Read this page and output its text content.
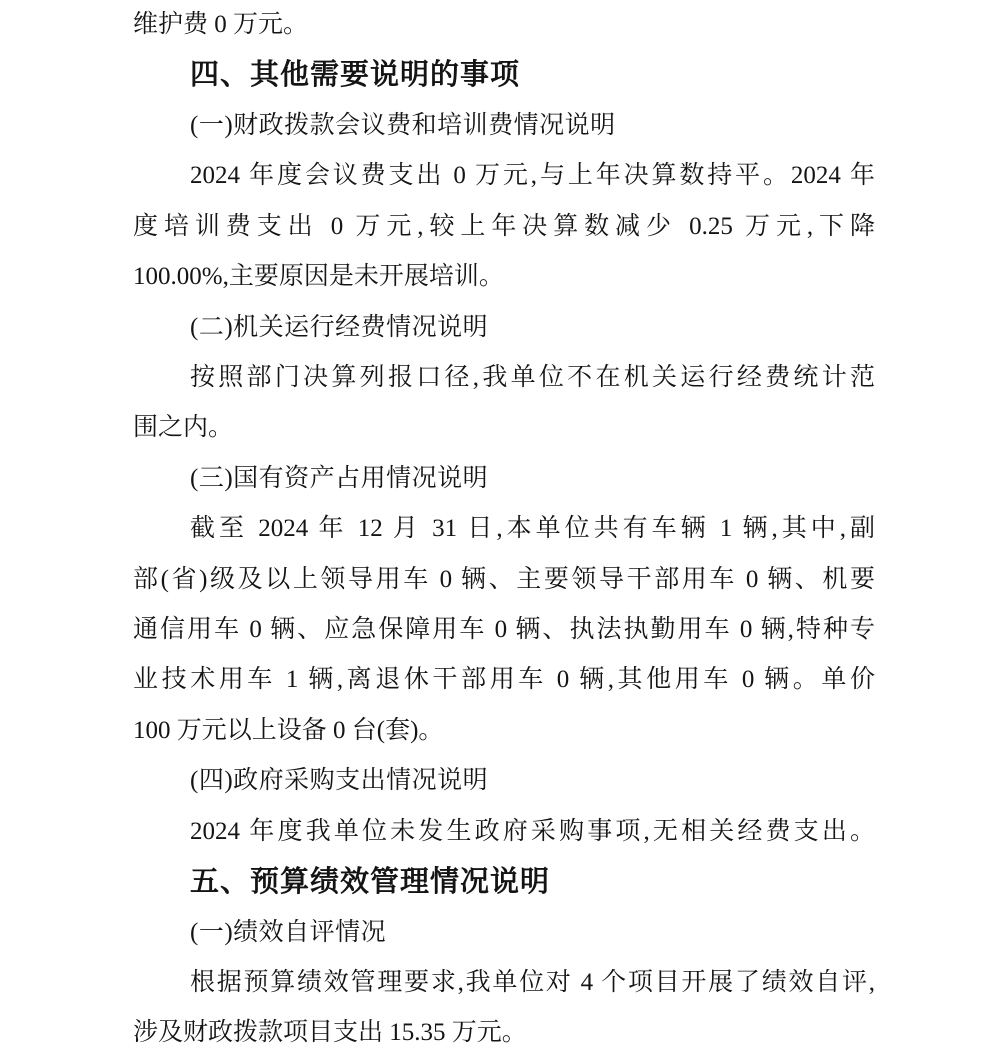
维护费 0 万元。
四、其他需要说明的事项
(一)财政拨款会议费和培训费情况说明
2024 年度会议费支出 0 万元,与上年决算数持平。2024 年
度培训费支出 0 万元,较上年决算数减少 0.25 万元,下降
100.00%,主要原因是未开展培训。
(二)机关运行经费情况说明
按照部门决算列报口径,我单位不在机关运行经费统计范
围之内。
(三)国有资产占用情况说明
截至 2024 年 12 月 31 日,本单位共有车辆 1 辆,其中,副
部(省)级及以上领导用车 0 辆、主要领导干部用车 0 辆、机要
通信用车 0 辆、应急保障用车 0 辆、执法执勤用车 0 辆,特种专
业技术用车 1 辆,离退休干部用车 0 辆,其他用车 0 辆。单价
100 万元以上设备 0 台(套)。
(四)政府采购支出情况说明
2024 年度我单位未发生政府采购事项,无相关经费支出。
五、预算绩效管理情况说明
(一)绩效自评情况
根据预算绩效管理要求,我单位对 4 个项目开展了绩效自评,
涉及财政拨款项目支出 15.35 万元。
